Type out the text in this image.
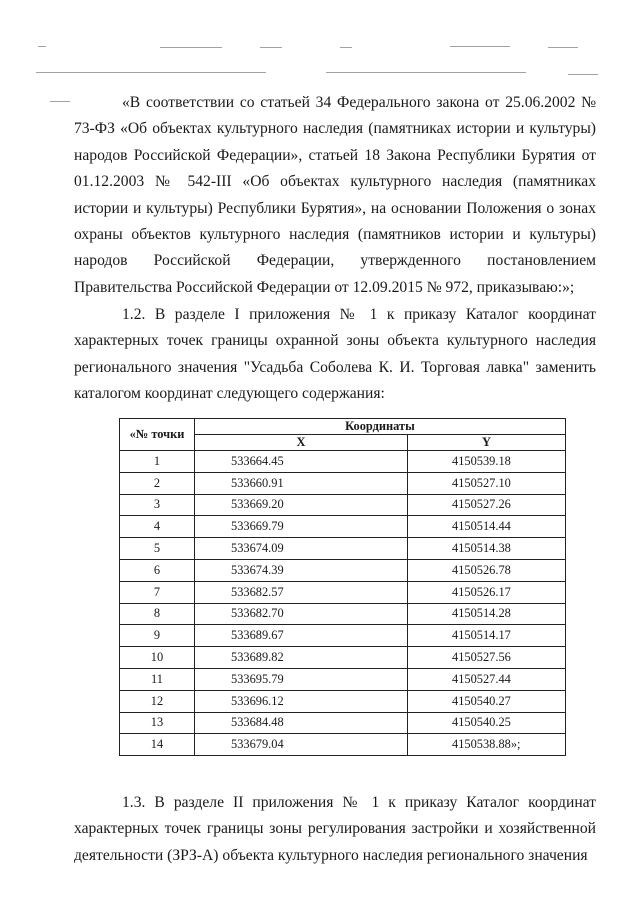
«В соответствии со статьей 34 Федерального закона от 25.06.2002 № 73-ФЗ «Об объектах культурного наследия (памятниках истории и культуры) народов Российской Федерации», статьей 18 Закона Республики Бурятия от 01.12.2003 № 542-III «Об объектах культурного наследия (памятниках истории и культуры) Республики Бурятия», на основании Положения о зонах охраны объектов культурного наследия (памятников истории и культуры) народов Российской Федерации, утвержденного постановлением Правительства Российской Федерации от 12.09.2015 № 972, приказываю:»;

1.2. В разделе I приложения № 1 к приказу Каталог координат характерных точек границы охранной зоны объекта культурного наследия регионального значения "Усадьба Соболева К. И. Торговая лавка" заменить каталогом координат следующего содержания:

«№ точки	Координаты	
	X	Y
1	533664.45	4150539.18
2	533660.91	4150527.10
3	533669.20	4150527.26
4	533669.79	4150514.44
5	533674.09	4150514.38
6	533674.39	4150526.78
7	533682.57	4150526.17
8	533682.70	4150514.28
9	533689.67	4150514.17
10	533689.82	4150527.56
11	533695.79	4150527.44
12	533696.12	4150540.27
13	533684.48	4150540.25
14	533679.04	4150538.88»;

1.3. В разделе II приложения № 1 к приказу Каталог координат характерных точек границы зоны регулирования застройки и хозяйственной деятельности (ЗРЗ-А) объекта культурного наследия регионального значения
